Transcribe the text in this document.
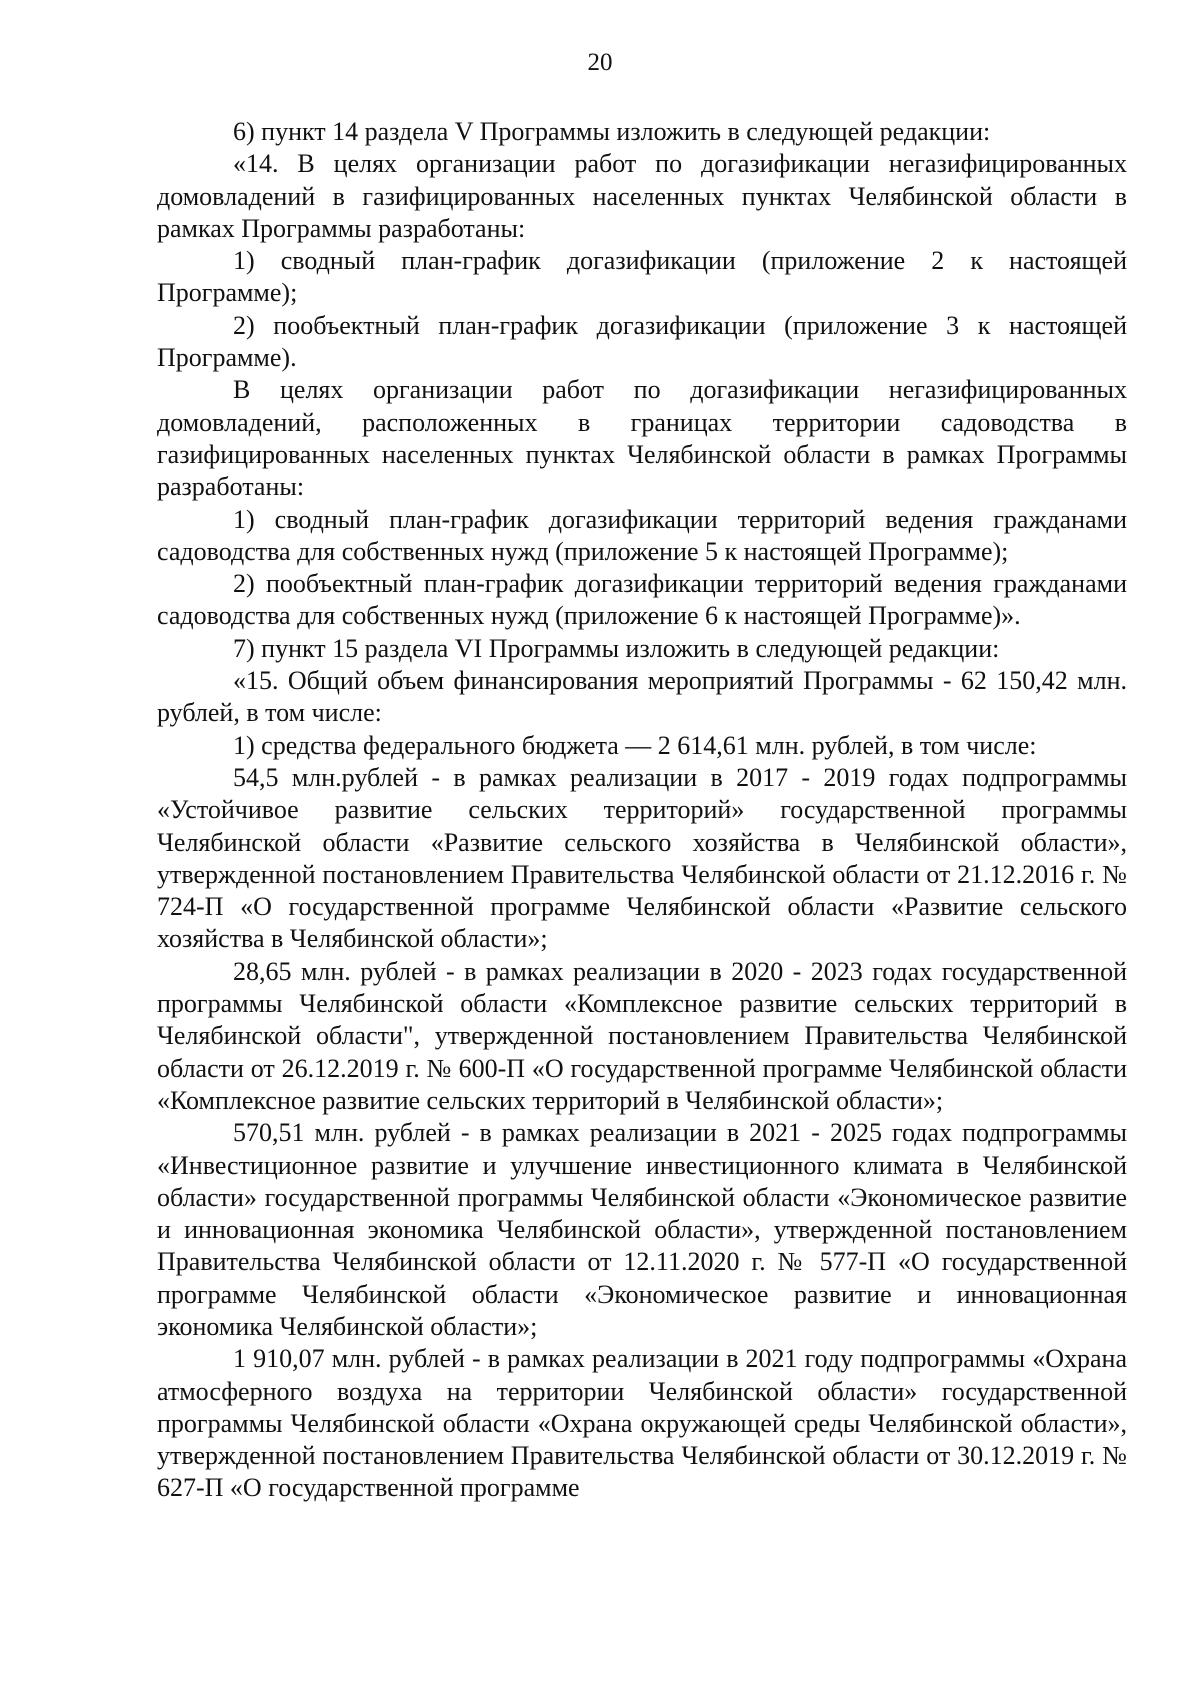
20

6) пункт 14 раздела V Программы изложить в следующей редакции:

«14. В целях организации работ по догазификации негазифицированных домовладений в газифицированных населенных пунктах Челябинской области в рамках Программы разработаны:

1) сводный план-график догазификации (приложение 2 к настоящей Программе);

2) пообъектный план-график догазификации (приложение 3 к настоящей Программе).

В целях организации работ по догазификации негазифицированных домовладений, расположенных в границах территории садоводства в газифицированных населенных пунктах Челябинской области в рамках Программы разработаны:

1) сводный план-график догазификации территорий ведения гражданами садоводства для собственных нужд (приложение 5 к настоящей Программе);

2) пообъектный план-график догазификации территорий ведения гражданами садоводства для собственных нужд (приложение 6 к настоящей Программе)».

7) пункт 15 раздела VI Программы изложить в следующей редакции:

«15. Общий объем финансирования мероприятий Программы - 62 150,42 млн. рублей, в том числе:

1) средства федерального бюджета — 2 614,61 млн. рублей, в том числе:

54,5 млн.рублей - в рамках реализации в 2017 - 2019 годах подпрограммы «Устойчивое развитие сельских территорий» государственной программы Челябинской области «Развитие сельского хозяйства в Челябинской области», утвержденной постановлением Правительства Челябинской области от 21.12.2016 г. № 724-П «О государственной программе Челябинской области «Развитие сельского хозяйства в Челябинской области»;

28,65 млн. рублей - в рамках реализации в 2020 - 2023 годах государственной программы Челябинской области «Комплексное развитие сельских территорий в Челябинской области", утвержденной постановлением Правительства Челябинской области от 26.12.2019 г. № 600-П «О государственной программе Челябинской области «Комплексное развитие сельских территорий в Челябинской области»;

570,51 млн. рублей - в рамках реализации в 2021 - 2025 годах подпрограммы «Инвестиционное развитие и улучшение инвестиционного климата в Челябинской области» государственной программы Челябинской области «Экономическое развитие и инновационная экономика Челябинской области», утвержденной постановлением Правительства Челябинской области от 12.11.2020 г. № 577-П «О государственной программе Челябинской области «Экономическое развитие и инновационная экономика Челябинской области»;

1 910,07 млн. рублей - в рамках реализации в 2021 году подпрограммы «Охрана атмосферного воздуха на территории Челябинской области» государственной программы Челябинской области «Охрана окружающей среды Челябинской области», утвержденной постановлением Правительства Челябинской области от 30.12.2019 г. № 627-П «О государственной программе
